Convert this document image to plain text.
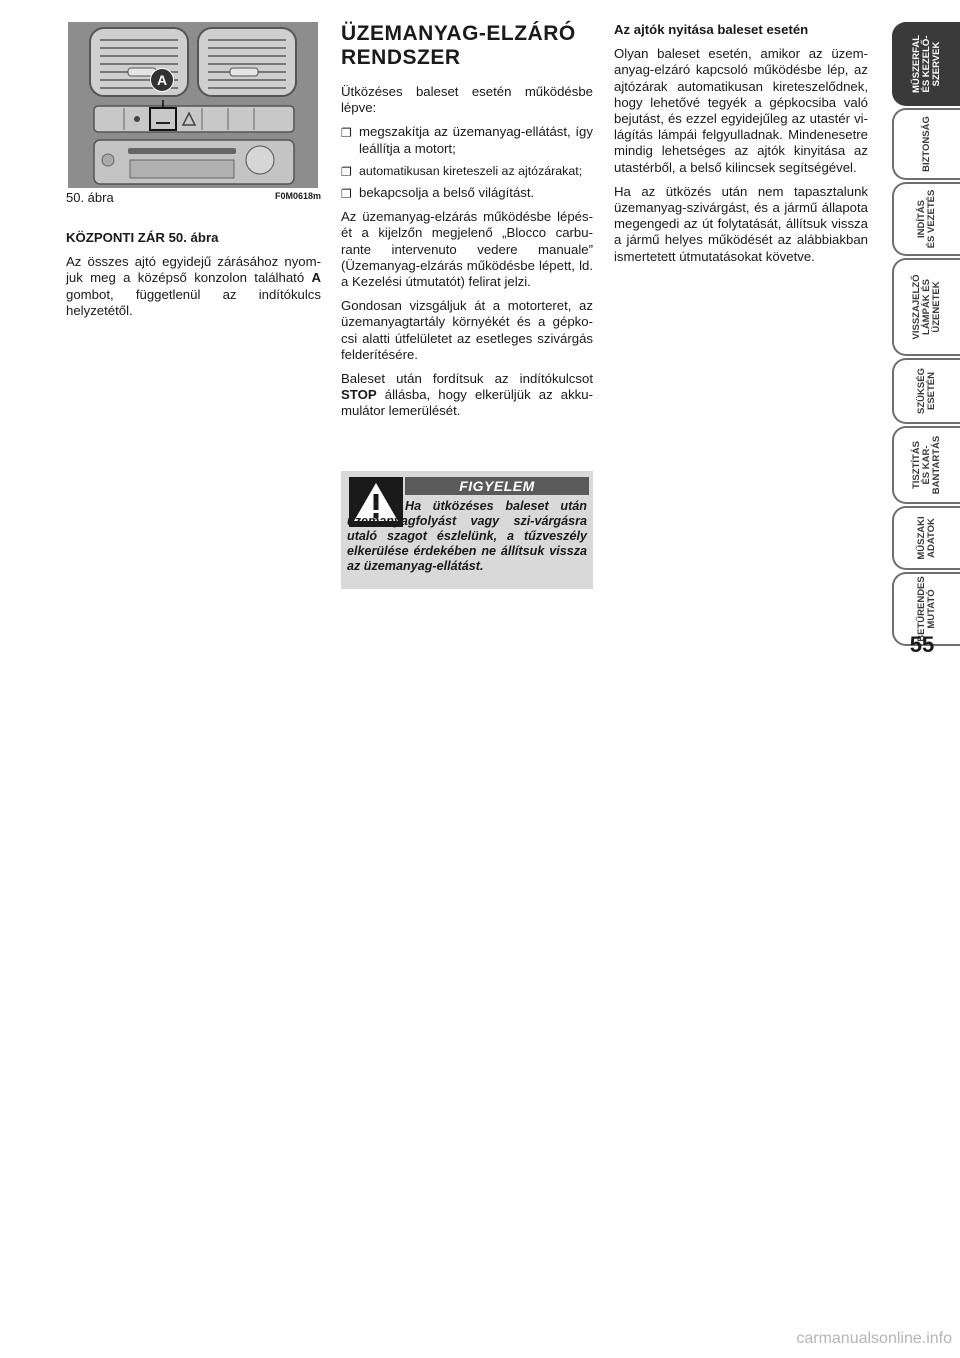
A
50. ábra	F0M0618m

KÖZPONTI ZÁR 50. ábra

Az összes ajtó egyidejű zárásához nyom-juk meg a középső konzolon található A gombot, függetlenül az indítókulcs helyzetétől.

ÜZEMANYAG-ELZÁRÓ RENDSZER

Ütközéses baleset esetén működésbe lépve:

❐ megszakítja az üzemanyag-ellátást, így leállítja a motort;
❐ automatikusan kireteszeli az ajtózárakat;
❐ bekapcsolja a belső világítást.

Az üzemanyag-elzárás működésbe lépés-ét a kijelzőn megjelenő „Blocco carbu-rante intervenuto vedere manuale” (Üzemanyag-elzárás működésbe lépett, ld. a Kezelési útmutatót) felirat jelzi.

Gondosan vizsgáljuk át a motorteret, az üzemanyagtartály környékét és a gépko-csi alatti útfelületet az esetleges szivárgás felderítésére.

Baleset után fordítsuk az indítókulcsot STOP állásba, hogy elkerüljük az akku-mulátor lemerülését.

FIGYELEM
Ha ütközéses baleset után üzemanyagfolyást vagy szi-várgásra utaló szagot észlelünk, a tűzveszély elkerülése érdekében ne állítsuk vissza az üzemanyag-ellátást.

Az ajtók nyitása baleset esetén

Olyan baleset esetén, amikor az üzem-anyag-elzáró kapcsoló működésbe lép, az ajtózárak automatikusan kireteszelődnek, hogy lehetővé tegyék a gépkocsiba való bejutást, és ezzel egyidejűleg az utastér vi-lágítás lámpái felgyulladnak. Mindenesetre mindig lehetséges az ajtók kinyitása az utastérből, a belső kilincsek segítségével.

Ha az ütközés után nem tapasztalunk üzemanyag-szivárgást, és a jármű állapota megengedi az út folytatását, állítsuk vissza a jármű helyes működését az alábbiakban ismertetett útmutatásokat követve.

MŰSZERFAL
ÉS KEZELŐ-
SZERVEK
BIZTONSÁG
INDÍTÁS
ÉS VEZETÉS
VISSZAJELZŐ
LÁMPÁK ÉS
ÜZENETEK
SZÜKSÉG
ESETÉN
TISZTÍTÁS
ÉS KAR-
BANTARTÁS
MŰSZAKI
ADATOK
BETŰRENDES
MUTATÓ
55
carmanualsonline.info
